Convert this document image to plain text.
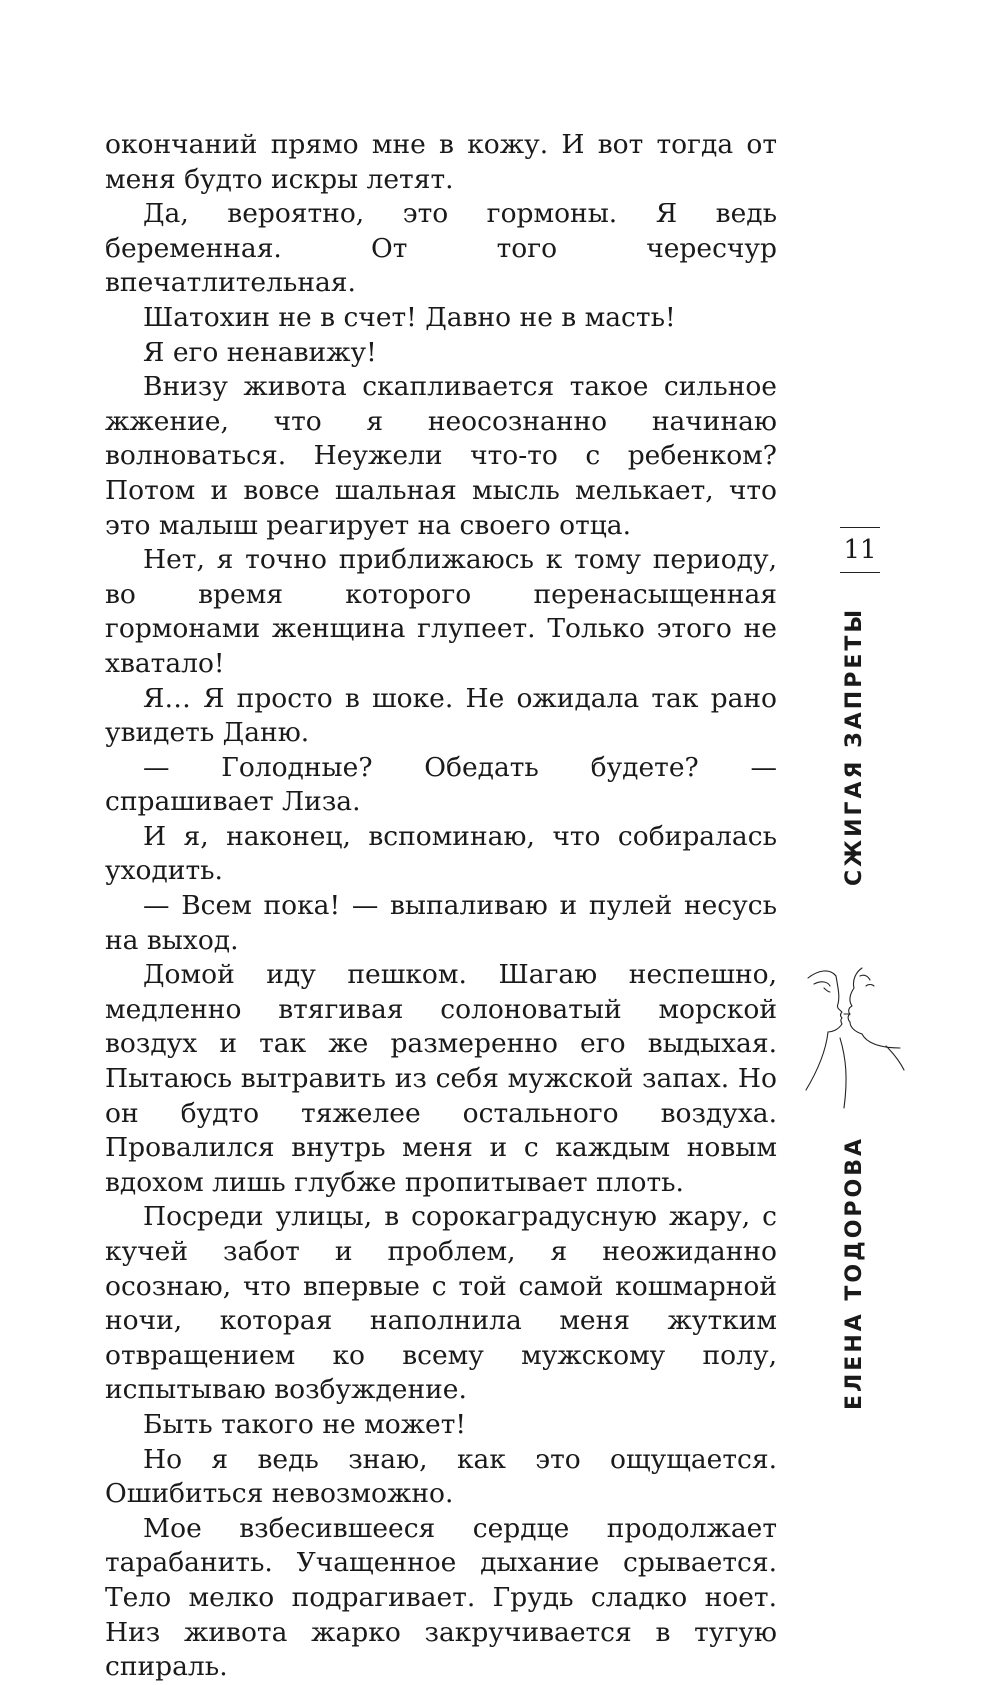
окончаний прямо мне в кожу. И вот тогда от меня будто искры летят.

Да, вероятно, это гормоны. Я ведь беременная. От того чересчур впечатлительная.

Шатохин не в счет! Давно не в масть!

Я его ненавижу!

Внизу живота скапливается такое сильное жжение, что я неосознанно начинаю волноваться. Неужели что-то с ребенком? Потом и вовсе шальная мысль мелькает, что это малыш реагирует на своего отца.

Нет, я точно приближаюсь к тому периоду, во время которого перенасыщенная гормонами женщина глупеет. Только этого не хватало!

Я… Я просто в шоке. Не ожидала так рано увидеть Даню.

— Голодные? Обедать будете? — спрашивает Лиза.

И я, наконец, вспоминаю, что собиралась уходить.

— Всем пока! — выпаливаю и пулей несусь на выход.

Домой иду пешком. Шагаю неспешно, медленно втягивая солоноватый морской воздух и так же размеренно его выдыхая. Пытаюсь вытравить из себя мужской запах. Но он будто тяжелее остального воздуха. Провалился внутрь меня и с каждым новым вдохом лишь глубже пропитывает плоть.

Посреди улицы, в сорокаградусную жару, с кучей забот и проблем, я неожиданно осознаю, что впервые с той самой кошмарной ночи, которая наполнила меня жутким отвращением ко всему мужскому полу, испытываю возбуждение.

Быть такого не может!

Но я ведь знаю, как это ощущается. Ошибиться невозможно.

Мое взбесившееся сердце продолжает тарабанить. Учащенное дыхание срывается. Тело мелко подрагивает. Грудь сладко ноет. Низ живота жарко закручивается в тугую спираль.

11
СЖИГАЯ ЗАПРЕТЫ
ЕЛЕНА ТОДОРОВА
